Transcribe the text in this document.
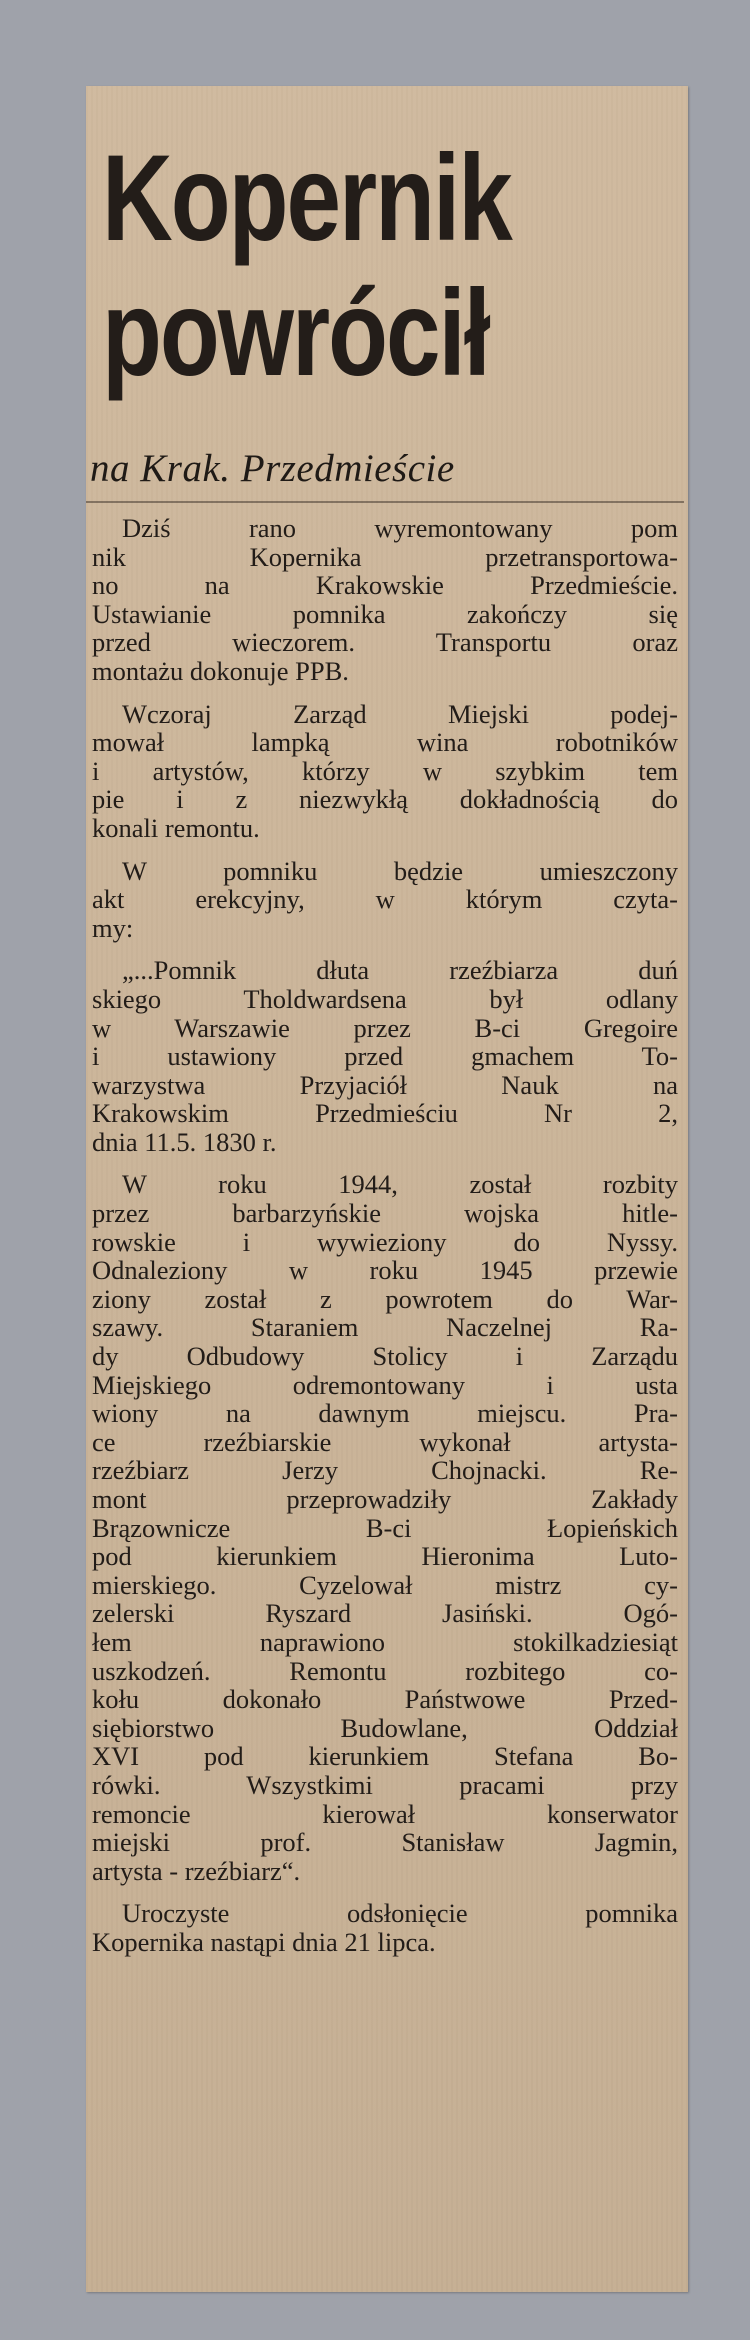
Kopernik
powrócił
na Krak. Przedmieście
Dziś rano wyremontowany pom
nik Kopernika przetransportowa-
no na Krakowskie Przedmieście.
Ustawianie pomnika zakończy się
przed wieczorem. Transportu oraz
montażu dokonuje PPB.
Wczoraj Zarząd Miejski podej-
mował lampką wina robotników
i artystów, którzy w szybkim tem
pie i z niezwykłą dokładnością do
konali remontu.
W pomniku będzie umieszczony
akt erekcyjny, w którym czyta-
my:
„...Pomnik dłuta rzeźbiarza duń
skiego Tholdwardsena był odlany
w Warszawie przez B-ci Gregoire
i ustawiony przed gmachem To-
warzystwa Przyjaciół Nauk na
Krakowskim Przedmieściu Nr 2,
dnia 11.5. 1830 r.
W roku 1944, został rozbity
przez barbarzyńskie wojska hitle-
rowskie i wywieziony do Nyssy.
Odnaleziony w roku 1945 przewie
ziony został z powrotem do War-
szawy. Staraniem Naczelnej Ra-
dy Odbudowy Stolicy i Zarządu
Miejskiego odremontowany i usta
wiony na dawnym miejscu. Pra-
ce rzeźbiarskie wykonał artysta-
rzeźbiarz Jerzy Chojnacki. Re-
mont przeprowadziły Zakłady
Brązownicze B-ci Łopieńskich
pod kierunkiem Hieronima Luto-
mierskiego. Cyzelował mistrz cy-
zelerski Ryszard Jasiński. Ogó-
łem naprawiono stokilkadziesiąt
uszkodzeń. Remontu rozbitego co-
kołu dokonało Państwowe Przed-
siębiorstwo Budowlane, Oddział
XVI pod kierunkiem Stefana Bo-
rówki. Wszystkimi pracami przy
remoncie kierował konserwator
miejski prof. Stanisław Jagmin,
artysta - rzeźbiarz“.
Uroczyste odsłonięcie pomnika
Kopernika nastąpi dnia 21 lipca.
